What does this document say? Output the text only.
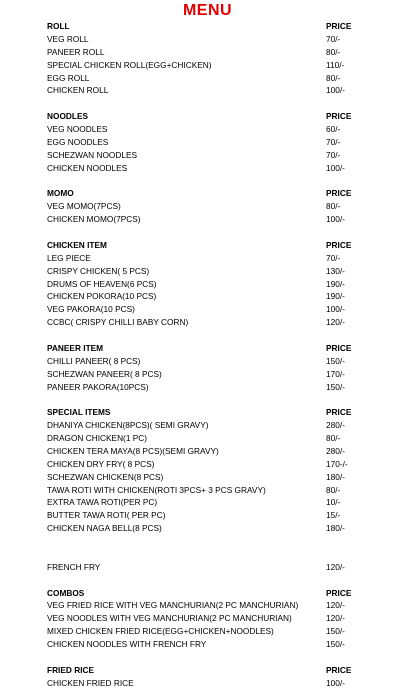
MENU
ROLL	PRICE
VEG ROLL	70/-
PANEER ROLL	80/-
SPECIAL CHICKEN ROLL(EGG+CHICKEN)	110/-
EGG ROLL	80/-
CHICKEN ROLL	100/-
NOODLES	PRICE
VEG NOODLES	60/-
EGG NOODLES	70/-
SCHEZWAN NOODLES	70/-
CHICKEN NOODLES	100/-
MOMO	PRICE
VEG MOMO(7PCS)	80/-
CHICKEN MOMO(7PCS)	100/-
CHICKEN ITEM	PRICE
LEG PIECE	70/-
CRISPY CHICKEN( 5 PCS)	130/-
DRUMS OF HEAVEN(6 PCS)	190/-
CHICKEN POKORA(10 PCS)	190/-
VEG PAKORA(10 PCS)	100/-
CCBC( CRISPY CHILLI BABY CORN)	120/-
PANEER ITEM	PRICE
CHILLI PANEER( 8 PCS)	150/-
SCHEZWAN PANEER( 8 PCS)	170/-
PANEER PAKORA(10PCS)	150/-
SPECIAL ITEMS	PRICE
DHANIYA CHICKEN(8PCS)( SEMI GRAVY)	280/-
DRAGON CHICKEN(1 PC)	80/-
CHICKEN TERA MAYA(8 PCS)(SEMI GRAVY)	280/-
CHICKEN DRY FRY( 8 PCS)	170-/-
SCHEZWAN CHICKEN(8 PCS)	180/-
TAWA ROTI WITH CHICKEN(ROTI 3PCS+ 3 PCS GRAVY)	80/-
EXTRA TAWA ROTI(PER PC)	10/-
BUTTER TAWA ROTI( PER PC)	15/-
CHICKEN NAGA BELL(8 PCS)	180/-
FRENCH FRY	120/-
COMBOS	PRICE
VEG FRIED RICE WITH VEG MANCHURIAN(2 PC MANCHURIAN)	120/-
VEG NOODLES WITH VEG MANCHURIAN(2 PC MANCHURIAN)	120/-
MIXED CHICKEN FRIED RICE(EGG+CHICKEN+NOODLES)	150/-
CHICKEN NOODLES WITH FRENCH FRY	150/-
FRIED RICE	PRICE
CHICKEN FRIED RICE	100/-
